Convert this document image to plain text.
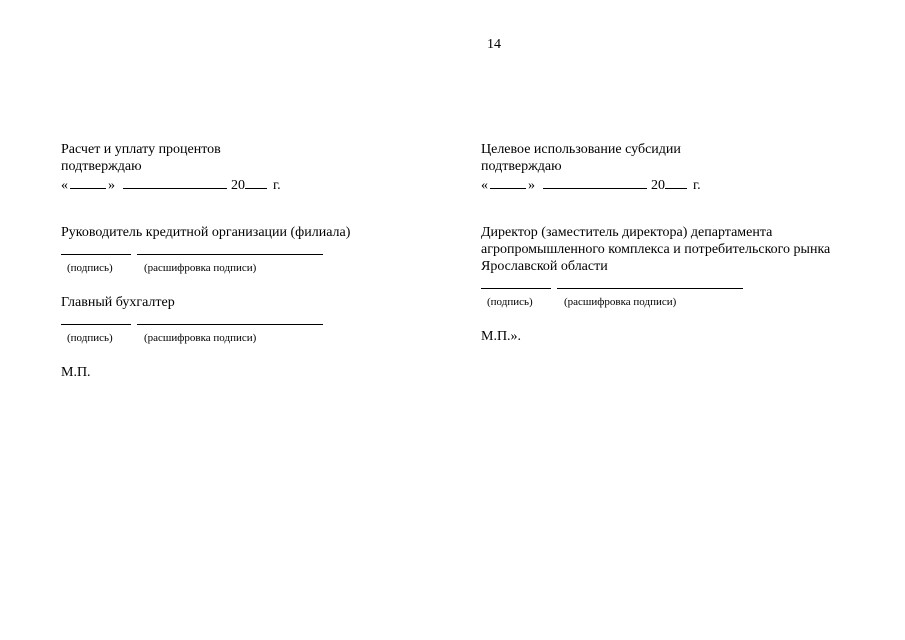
14
Расчет и уплату процентов
подтверждаю
«	»	20 г.
Руководитель кредитной организации (филиала)
(подпись)	(расшифровка подписи)
Главный бухгалтер
(подпись)	(расшифровка подписи)
М.П.
Целевое использование субсидии
подтверждаю
«	»	20 г.
Директор (заместитель директора) департамента
агропромышленного комплекса и потребительского рынка
Ярославской области
(подпись)	(расшифровка подписи)
М.П.».
